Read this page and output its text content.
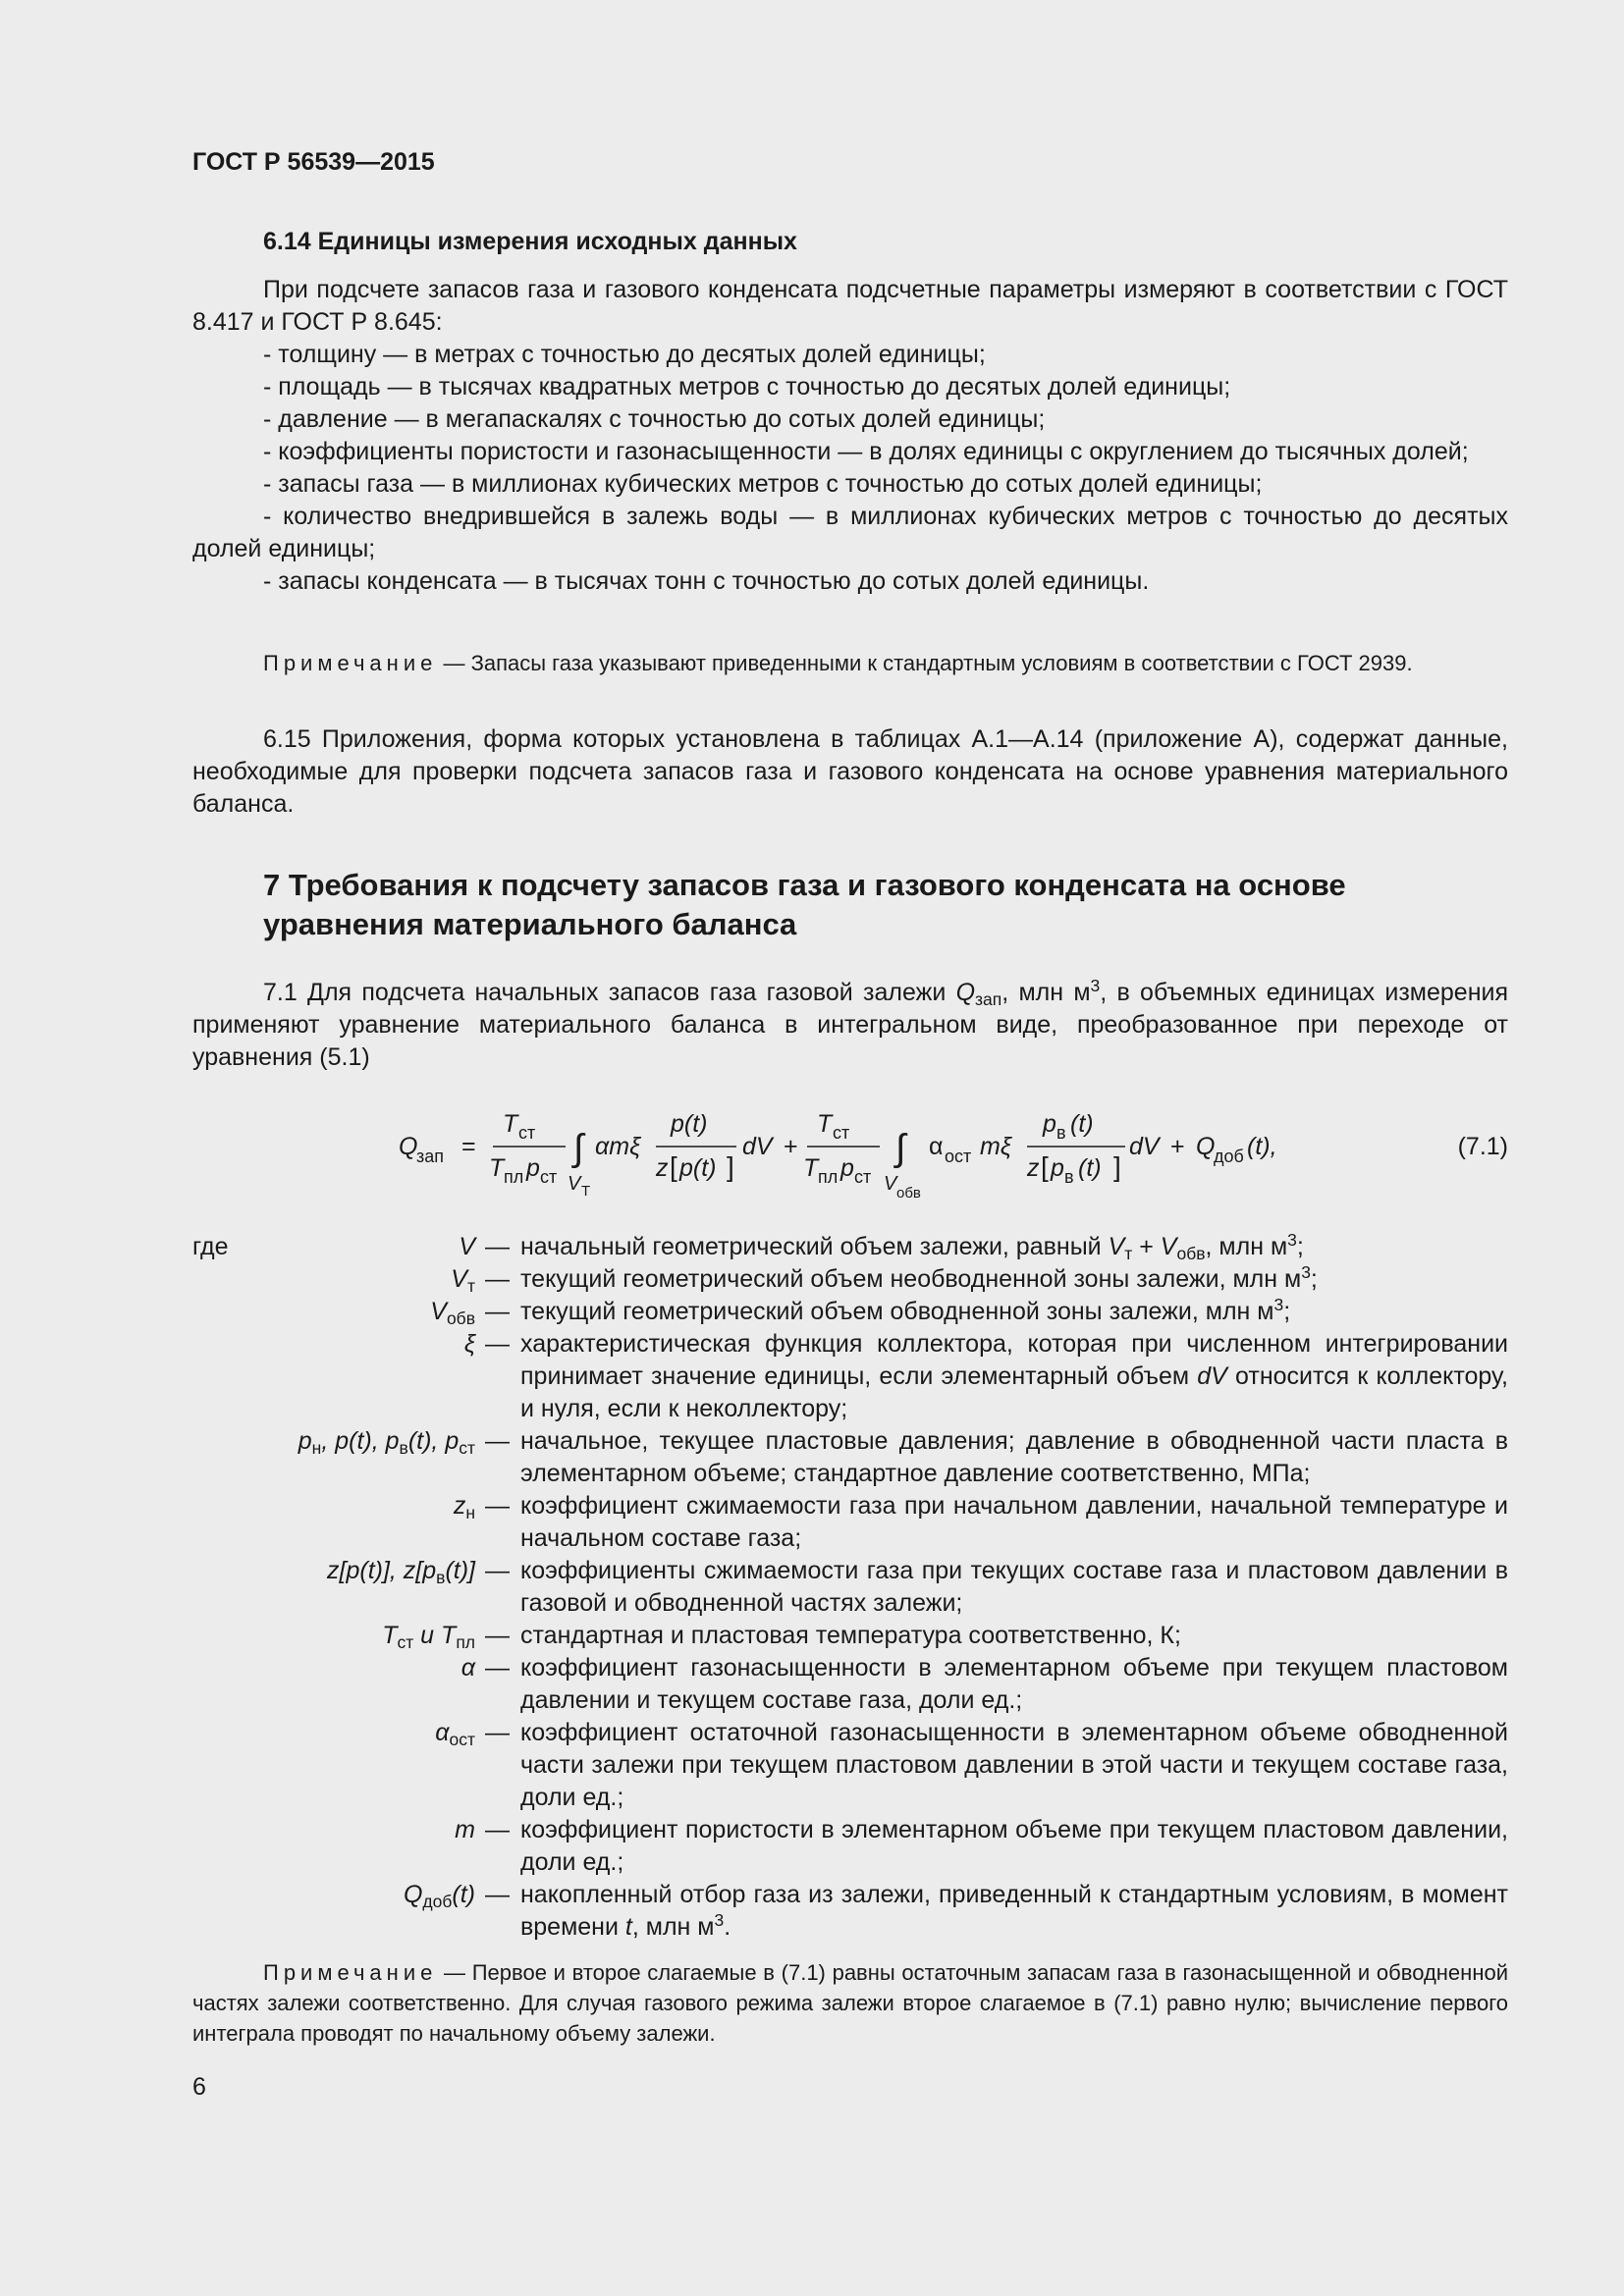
ГОСТ Р 56539—2015
6.14 Единицы измерения исходных данных
При подсчете запасов газа и газового конденсата подсчетные параметры измеряют в соответствии с ГОСТ 8.417 и ГОСТ Р 8.645:
- толщину — в метрах с точностью до десятых долей единицы;
- площадь — в тысячах квадратных метров с точностью до десятых долей единицы;
- давление — в мегапаскалях с точностью до сотых долей единицы;
- коэффициенты пористости и газонасыщенности — в долях единицы с округлением до тысячных долей;
- запасы газа — в миллионах кубических метров с точностью до сотых долей единицы;
- количество внедрившейся в залежь воды — в миллионах кубических метров с точностью до десятых долей единицы;
- запасы конденсата — в тысячах тонн с точностью до сотых долей единицы.
Примечание — Запасы газа указывают приведенными к стандартным условиям в соответствии с ГОСТ 2939.
6.15 Приложения, форма которых установлена в таблицах А.1—А.14 (приложение А), содержат данные, необходимые для проверки подсчета запасов газа и газового конденсата на основе уравнения материального баланса.
7 Требования к подсчету запасов газа и газового конденсата на основе уравнения материального баланса
7.1 Для подсчета начальных запасов газа газовой залежи $Q_{зап}$, млн $м^3$, в объемных единицах измерения применяют уравнение материального баланса в интегральном виде, преобразованное при переходе от уравнения (5.1)
Q
зап =
T ст
T пл p ст
∫
V Т
αmξ
p(t)
z [ p(t) ]
dV +
T ст
T пл p ст
∫
V обв
α ост mξ
p в (t)
z [ p в (t) ]
dV + Q
доб (t),	(7.1)
где	V — начальный геометрический объем залежи, равный $V_т + V_{обв}$, млн $м^3$;
$V_т$ — текущий геометрический объем необводненной зоны залежи, млн $м^3$;
$V_{обв}$ — текущий геометрический объем обводненной зоны залежи, млн $м^3$;
ξ — характеристическая функция коллектора, которая при численном интегрировании принимает значение единицы, если элементарный объем dV относится к коллектору, и нуля, если к неколлектору;
$p_н$, p(t), $p_в(t)$, $p_{ст}$ — начальное, текущее пластовые давления; давление в обводненной части пласта в элементарном объеме; стандартное давление соответственно, МПа;
$z_н$ — коэффициент сжимаемости газа при начальном давлении, начальной температуре и начальном составе газа;
z[p(t)], $z[p_в(t)]$ — коэффициенты сжимаемости газа при текущих составе газа и пластовом давлении в газовой и обводненной частях залежи;
$T_{ст}$ и $T_{пл}$ — стандартная и пластовая температура соответственно, К;
α — коэффициент газонасыщенности в элементарном объеме при текущем пластовом давлении и текущем составе газа, доли ед.;
$\alpha_{ост}$ — коэффициент остаточной газонасыщенности в элементарном объеме обводненной части залежи при текущем пластовом давлении в этой части и текущем составе газа, доли ед.;
m — коэффициент пористости в элементарном объеме при текущем пластовом давлении, доли ед.;
$Q_{доб}(t)$ — накопленный отбор газа из залежи, приведенный к стандартным условиям, в момент времени t, млн $м^3$.
Примечание — Первое и второе слагаемые в (7.1) равны остаточным запасам газа в газонасыщенной и обводненной частях залежи соответственно. Для случая газового режима залежи второе слагаемое в (7.1) равно нулю; вычисление первого интеграла проводят по начальному объему залежи.
6
